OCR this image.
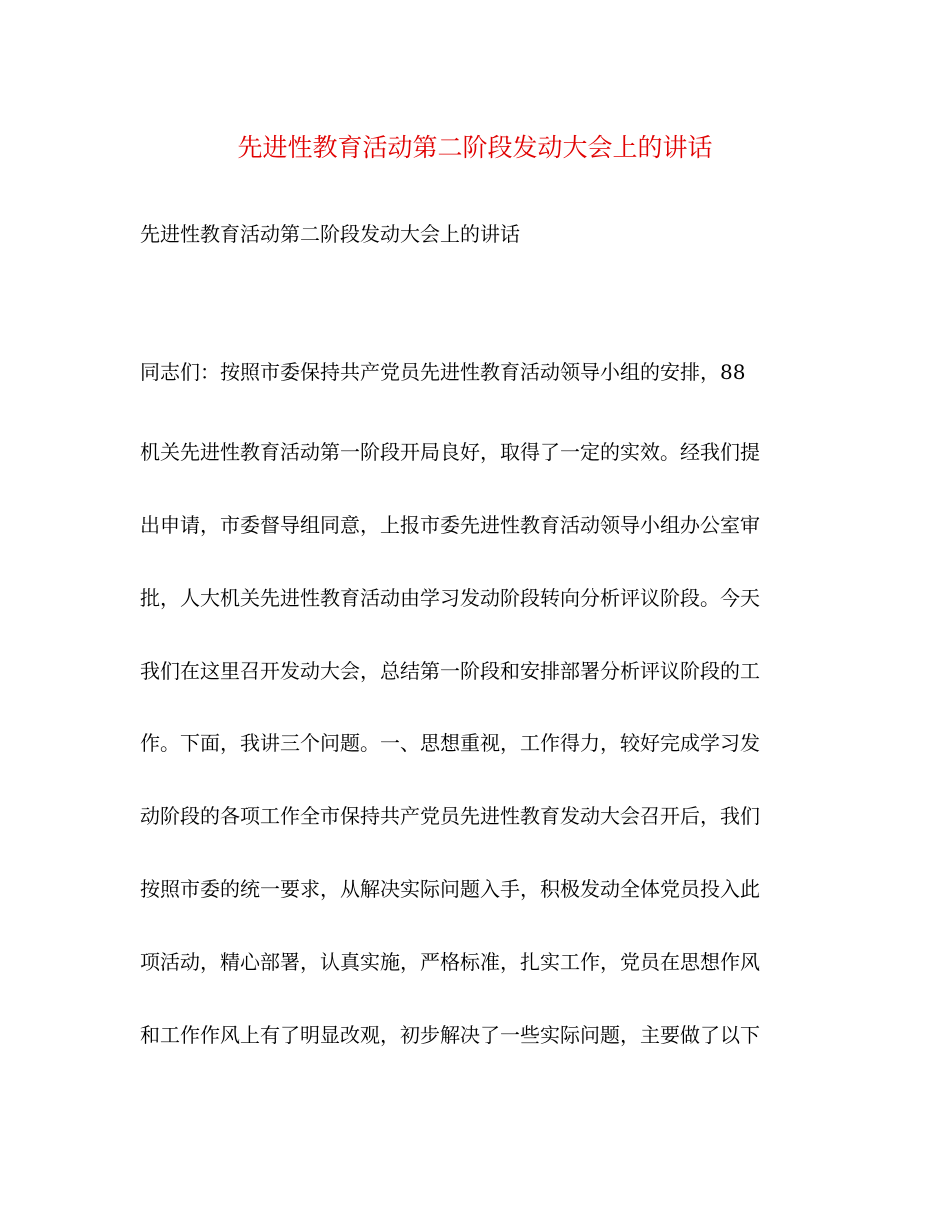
先进性教育活动第二阶段发动大会上的讲话
先进性教育活动第二阶段发动大会上的讲话
同志们：按照市委保持共产党员先进性教育活动领导小组的安排，88
机关先进性教育活动第一阶段开局良好，取得了一定的实效。经我们提
出申请，市委督导组同意，上报市委先进性教育活动领导小组办公室审
批，人大机关先进性教育活动由学习发动阶段转向分析评议阶段。今天
我们在这里召开发动大会，总结第一阶段和安排部署分析评议阶段的工
作。下面，我讲三个问题。一、思想重视，工作得力，较好完成学习发
动阶段的各项工作全市保持共产党员先进性教育发动大会召开后，我们
按照市委的统一要求，从解决实际问题入手，积极发动全体党员投入此
项活动，精心部署，认真实施，严格标准，扎实工作，党员在思想作风
和工作作风上有了明显改观，初步解决了一些实际问题，主要做了以下
